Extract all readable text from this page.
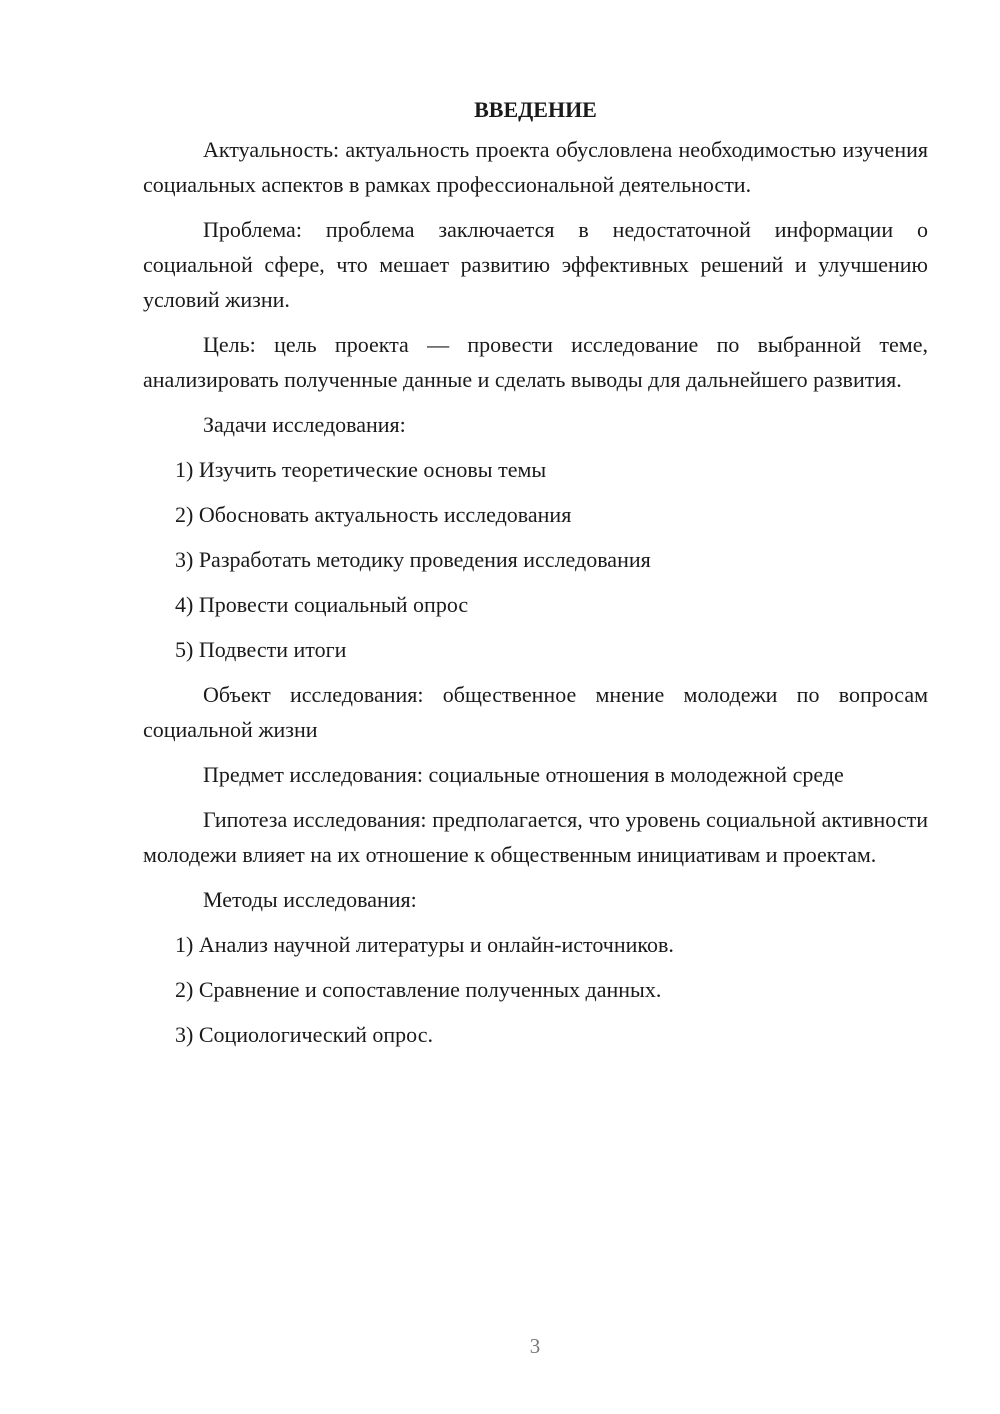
ВВЕДЕНИЕ

Актуальность: актуальность проекта обусловлена необходимостью изучения социальных аспектов в рамках профессиональной деятельности.

Проблема: проблема заключается в недостаточной информации о социальной сфере, что мешает развитию эффективных решений и улучшению условий жизни.

Цель: цель проекта — провести исследование по выбранной теме, анализировать полученные данные и сделать выводы для дальнейшего развития.

Задачи исследования:

1) Изучить теоретические основы темы
2) Обосновать актуальность исследования
3) Разработать методику проведения исследования
4) Провести социальный опрос
5) Подвести итоги

Объект исследования: общественное мнение молодежи по вопросам социальной жизни

Предмет исследования: социальные отношения в молодежной среде

Гипотеза исследования: предполагается, что уровень социальной активности молодежи влияет на их отношение к общественным инициативам и проектам.

Методы исследования:

1) Анализ научной литературы и онлайн-источников.
2) Сравнение и сопоставление полученных данных.
3) Социологический опрос.
3
